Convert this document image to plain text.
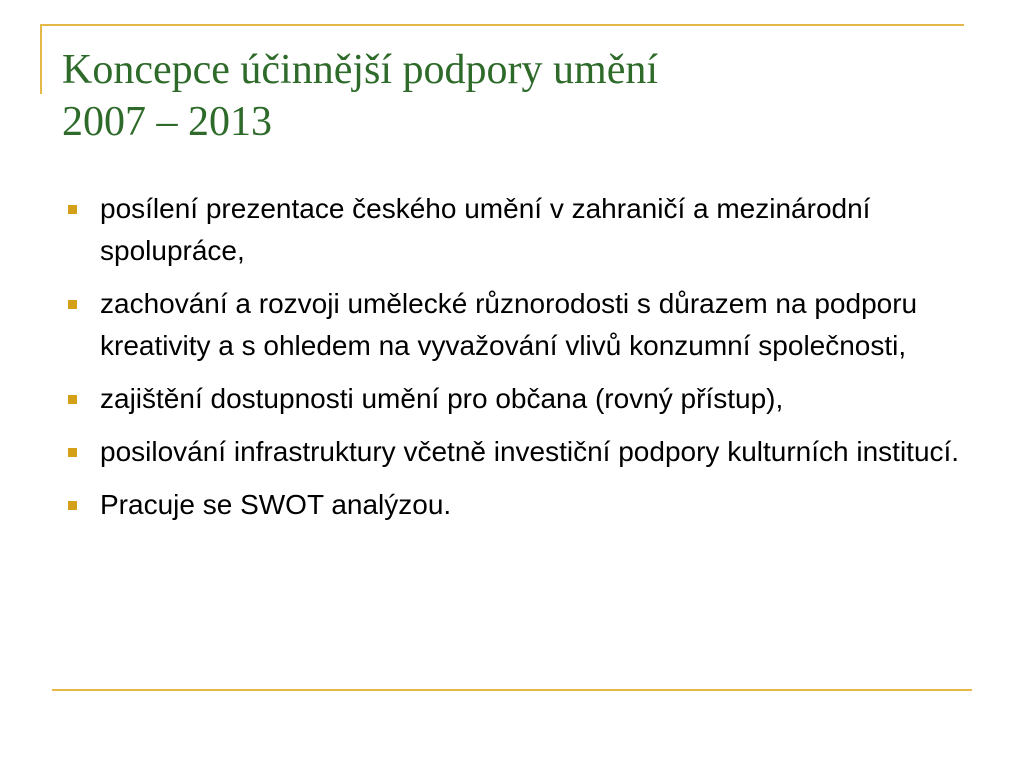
Koncepce účinnější podpory umění
2007 – 2013
posílení prezentace českého umění v zahraničí a mezinárodní spolupráce,
zachování a rozvoji umělecké různorodosti s důrazem na podporu kreativity a s ohledem na vyvažování vlivů konzumní společnosti,
zajištění dostupnosti umění pro občana (rovný přístup),
posilování infrastruktury včetně investiční podpory kulturních institucí.
Pracuje se SWOT analýzou.
